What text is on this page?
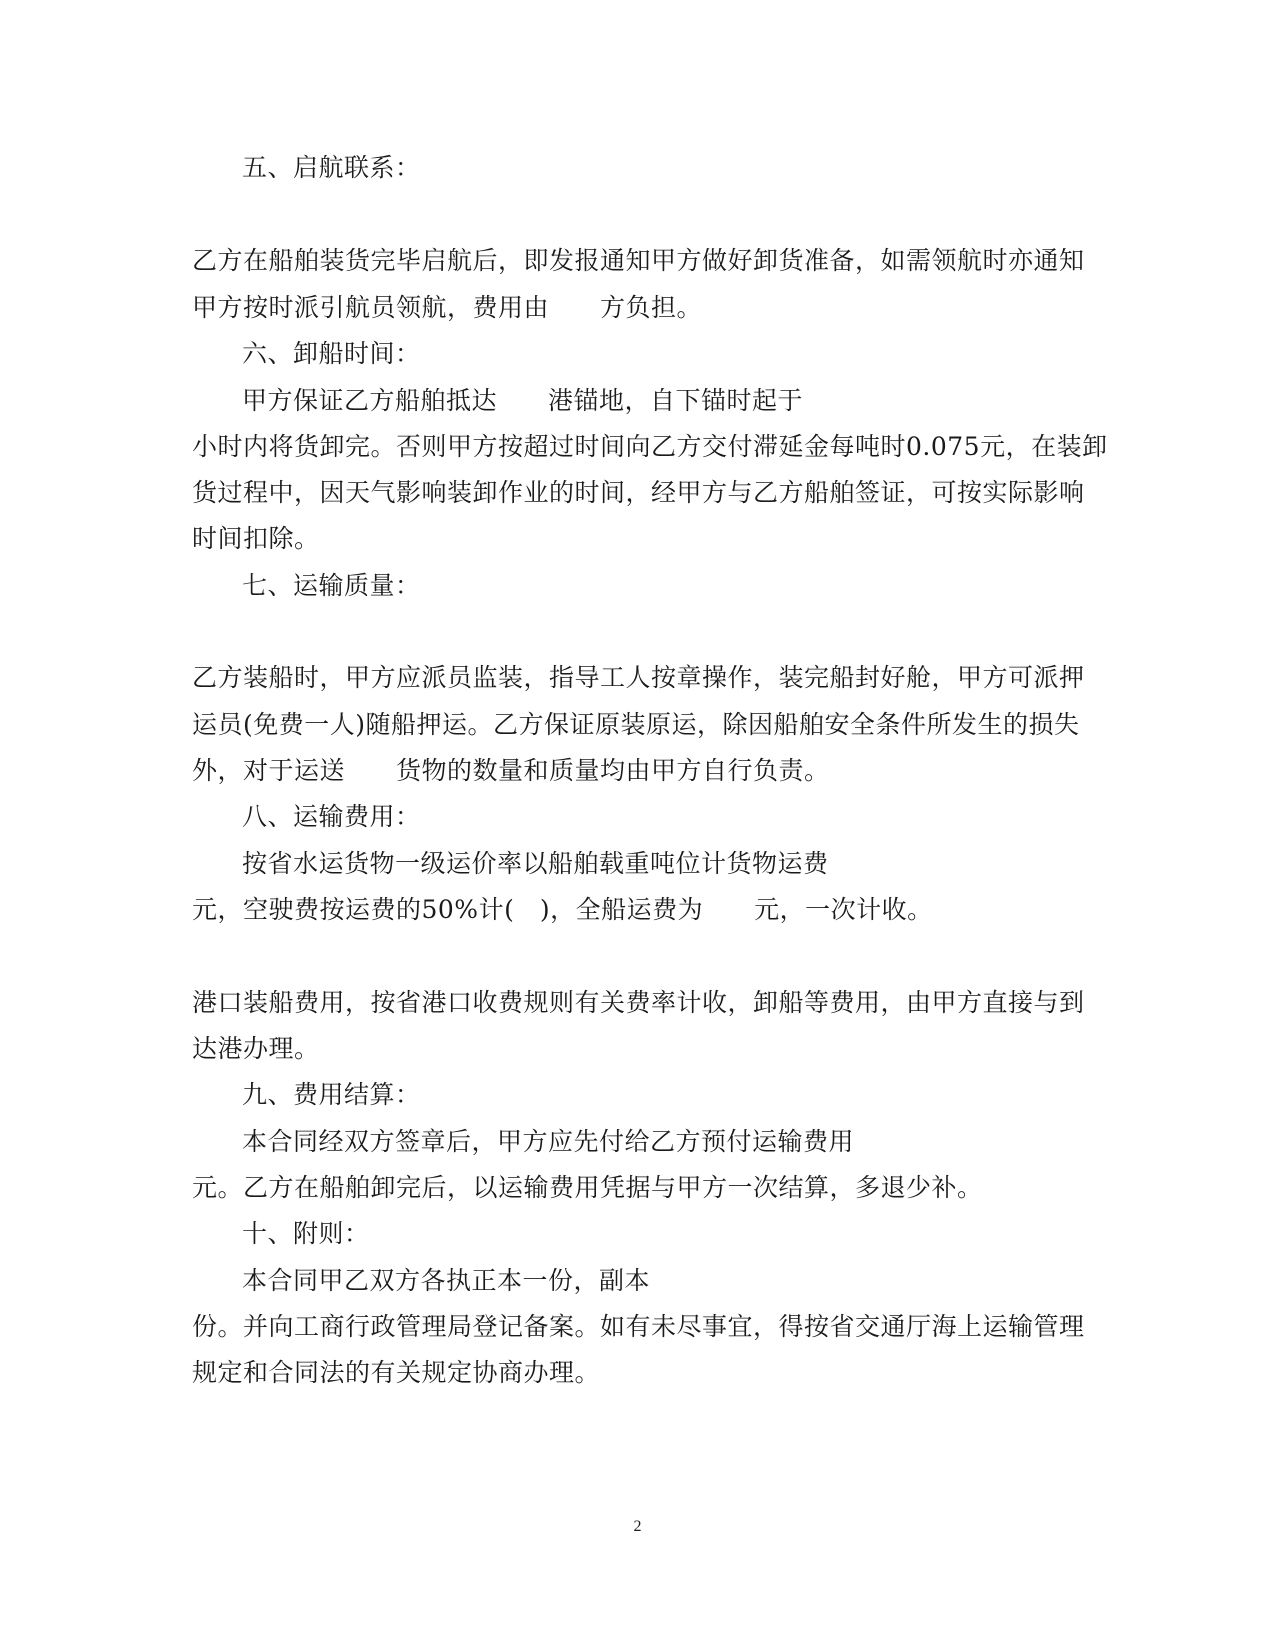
五、启航联系：
乙方在船舶装货完毕启航后，即发报通知甲方做好卸货准备，如需领航时亦通知
甲方按时派引航员领航，费用由　　方负担。
六、卸船时间：
甲方保证乙方船舶抵达　　港锚地，自下锚时起于
小时内将货卸完。否则甲方按超过时间向乙方交付滞延金每吨时0.075元，在装卸
货过程中，因天气影响装卸作业的时间，经甲方与乙方船舶签证，可按实际影响
时间扣除。
七、运输质量：
乙方装船时，甲方应派员监装，指导工人按章操作，装完船封好舱，甲方可派押
运员(免费一人)随船押运。乙方保证原装原运，除因船舶安全条件所发生的损失
外，对于运送　　货物的数量和质量均由甲方自行负责。
八、运输费用：
按省水运货物一级运价率以船舶载重吨位计货物运费
元，空驶费按运费的50%计(　)，全船运费为　　元，一次计收。
港口装船费用，按省港口收费规则有关费率计收，卸船等费用，由甲方直接与到
达港办理。
九、费用结算：
本合同经双方签章后，甲方应先付给乙方预付运输费用
元。乙方在船舶卸完后，以运输费用凭据与甲方一次结算，多退少补。
十、附则：
本合同甲乙双方各执正本一份，副本
份。并向工商行政管理局登记备案。如有未尽事宜，得按省交通厅海上运输管理
规定和合同法的有关规定协商办理。
2
